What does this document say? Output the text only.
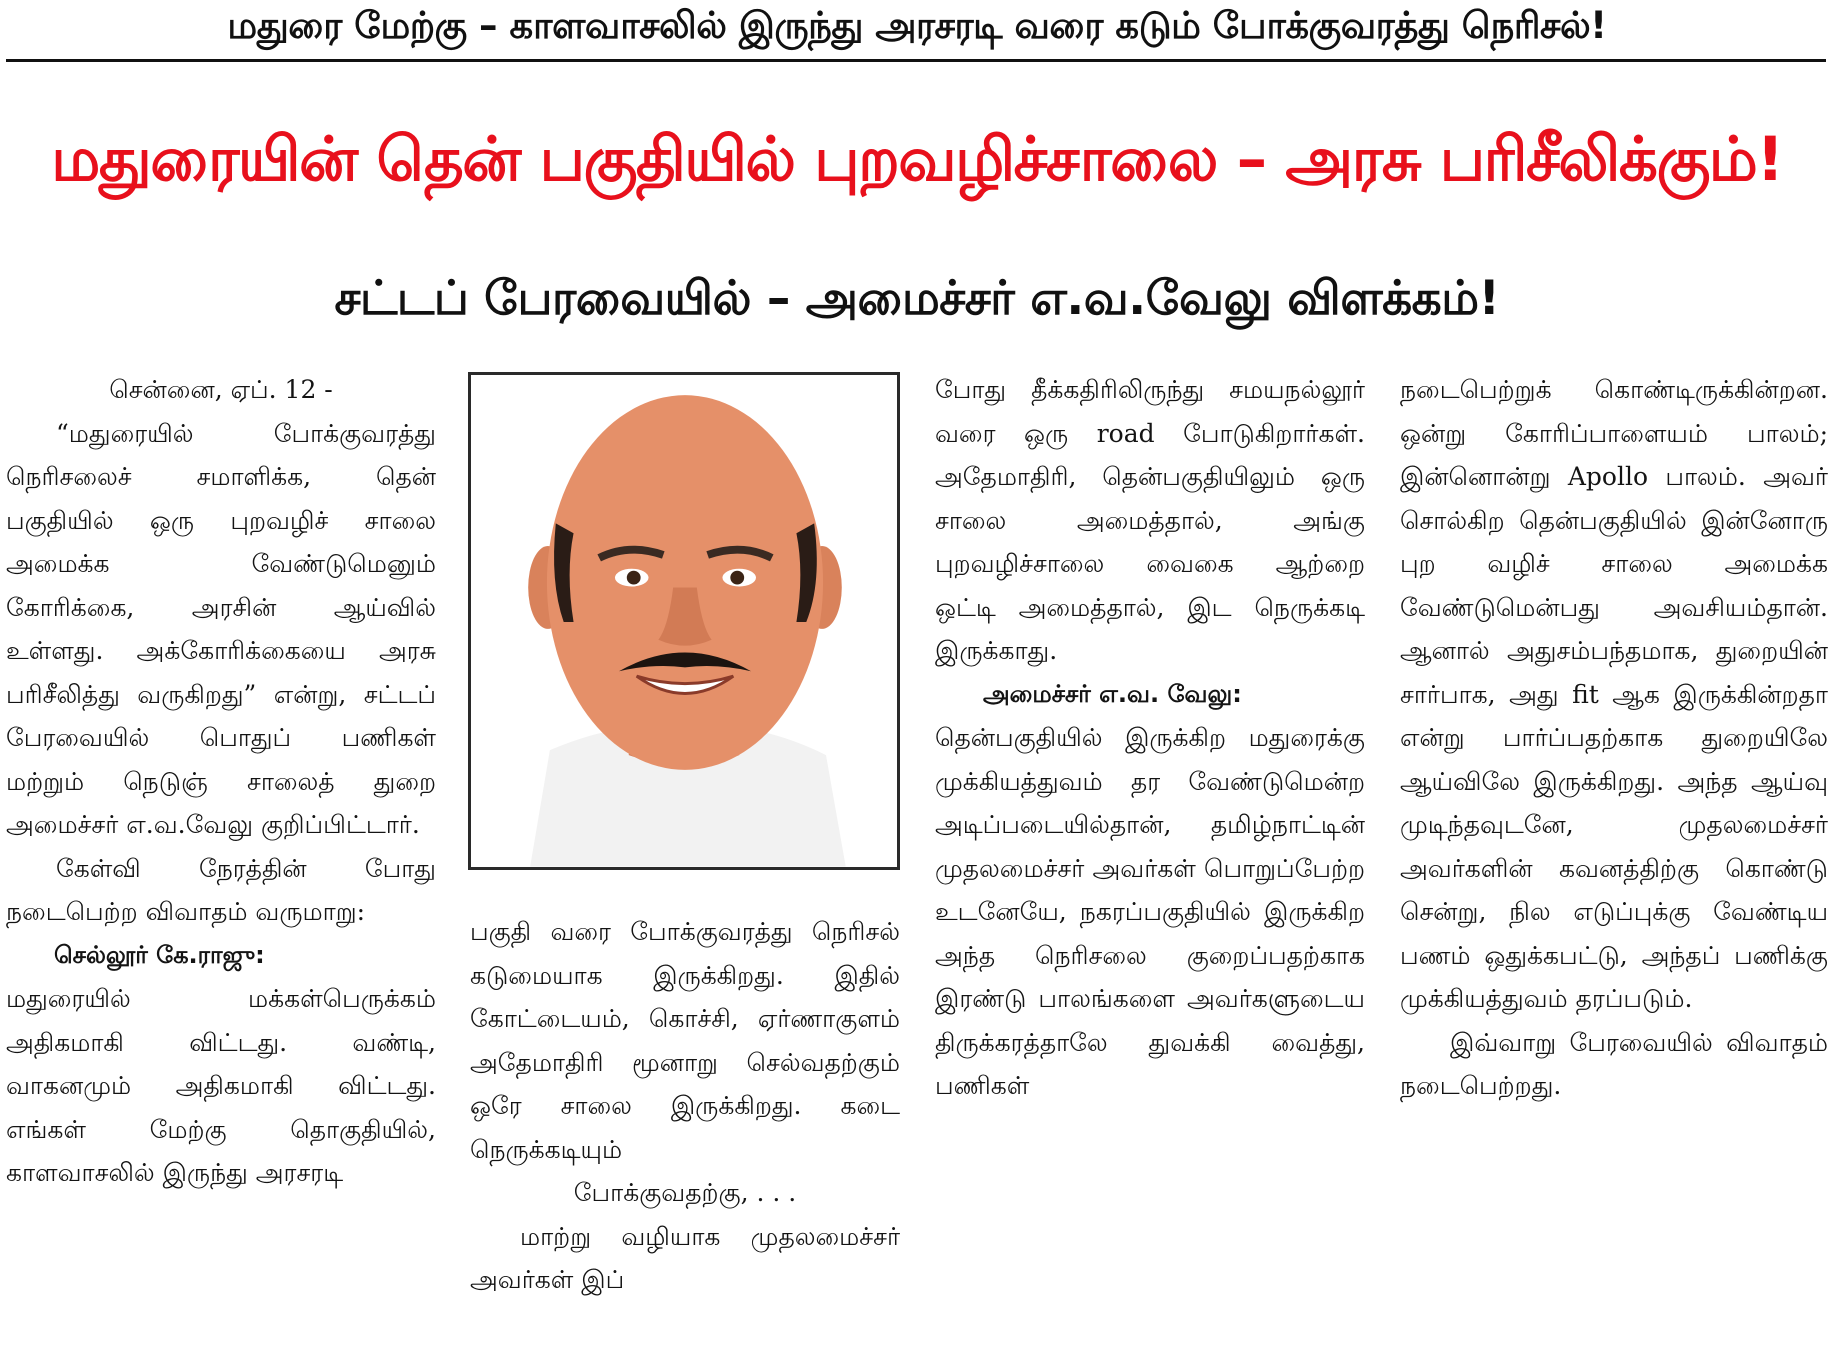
மதுரை மேற்கு – காளவாசலில் இருந்து அரசரடி வரை கடும் போக்குவரத்து நெரிசல்!
மதுரையின் தென் பகுதியில் புறவழிச்சாலை – அரசு பரிசீலிக்கும்!
சட்டப் பேரவையில் – அமைச்சர் எ.வ.வேலு விளக்கம்!

சென்னை, ஏப். 12 -

“மதுரையில் போக்குவரத்து நெரிசலைச் சமாளிக்க, தென் பகுதியில் ஒரு புறவழிச் சாலை அமைக்க வேண்டுமெனும் கோரிக்கை, அரசின் ஆய்வில் உள்ளது. அக்கோரிக்கையை அரசு பரிசீலித்து வருகிறது” என்று, சட்டப் பேரவையில் பொதுப் பணிகள் மற்றும் நெடுஞ் சாலைத் துறை அமைச்சர் எ.வ.வேலு குறிப்பிட்டார்.

கேள்வி நேரத்தின் போது நடைபெற்ற விவாதம் வருமாறு:

செல்லூர் கே.ராஜு:

மதுரையில் மக்கள்பெருக்கம் அதிகமாகி விட்டது. வண்டி, வாகனமும் அதிகமாகி விட்டது. எங்கள் மேற்கு தொகுதியில், காளவாசலில் இருந்து அரசரடி

பகுதி வரை போக்குவரத்து நெரிசல் கடுமையாக இருக்கிறது. இதில் கோட்டையம், கொச்சி, ஏர்ணாகுளம் அதேமாதிரி மூனாறு செல்வதற்கும் ஒரே சாலை இருக்கிறது. கடை நெருக்கடியும்

போக்குவதற்கு, . . .

மாற்று வழியாக முதலமைச்சர் அவர்கள் இப்

போது தீக்கதிரிலிருந்து சமயநல்லூர் வரை ஒரு road போடுகிறார்கள். அதேமாதிரி, தென்பகுதியிலும் ஒரு சாலை அமைத்தால், அங்கு புறவழிச்சாலை வைகை ஆற்றை ஒட்டி அமைத்தால், இட நெருக்கடி இருக்காது.

அமைச்சர் எ.வ. வேலு:

தென்பகுதியில் இருக்கிற மதுரைக்கு முக்கியத்துவம் தர வேண்டுமென்ற அடிப்படையில்தான், தமிழ்நாட்டின் முதலமைச்சர் அவர்கள் பொறுப்பேற்ற உடனேயே, நகரப்பகுதியில் இருக்கிற அந்த நெரிசலை குறைப்பதற்காக இரண்டு பாலங்களை அவர்களுடைய திருக்கரத்தாலே துவக்கி வைத்து, பணிகள்

நடைபெற்றுக் கொண்டிருக்கின்றன. ஒன்று கோரிப்பாளையம் பாலம்; இன்னொன்று Apollo பாலம். அவர் சொல்கிற தென்பகுதியில் இன்னோரு புற வழிச் சாலை அமைக்க வேண்டுமென்பது அவசியம்தான். ஆனால் அதுசம்பந்தமாக, துறையின் சார்பாக, அது fit ஆக இருக்கின்றதா என்று பார்ப்பதற்காக துறையிலே ஆய்விலே இருக்கிறது. அந்த ஆய்வு முடிந்தவுடனே, முதலமைச்சர் அவர்களின் கவனத்திற்கு கொண்டு சென்று, நில எடுப்புக்கு வேண்டிய பணம் ஒதுக்கபட்டு, அந்தப் பணிக்கு முக்கியத்துவம் தரப்படும்.

இவ்வாறு பேரவையில் விவாதம் நடைபெற்றது.
